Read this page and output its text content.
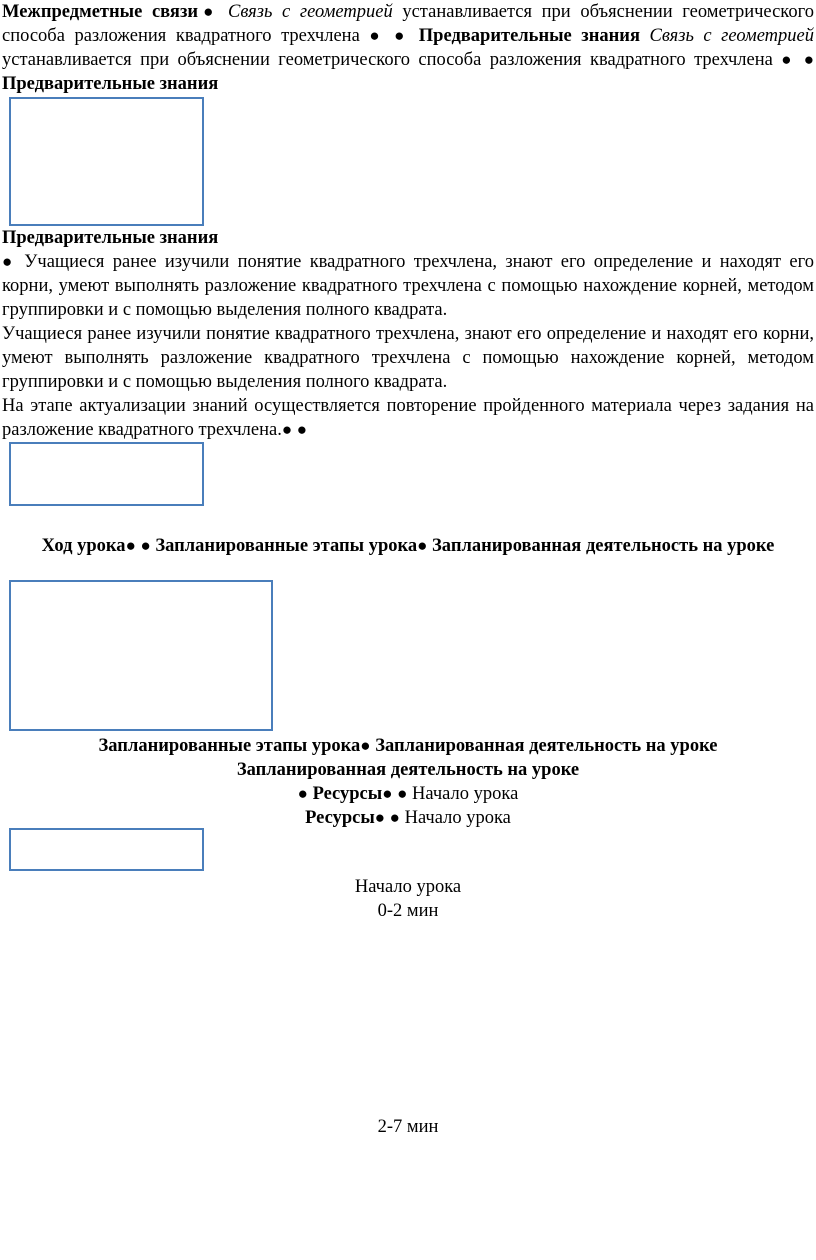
Межпредметные связи● Связь с геометрией устанавливается при объяснении геометрического способа разложения квадратного трехчлена ● ● Предварительные знания Связь с геометрией устанавливается при объяснении геометрического способа разложения квадратного трехчлена ● ● Предварительные знания
Предварительные знания
● Учащиеся ранее изучили понятие квадратного трехчлена, знают его определение и находят его корни, умеют выполнять разложение квадратного трехчлена с помощью нахождение корней, методом группировки и с помощью выделения полного квадрата.
Учащиеся ранее изучили понятие квадратного трехчлена, знают его определение и находят его корни, умеют выполнять разложение квадратного трехчлена с помощью нахождение корней, методом группировки и с помощью выделения полного квадрата.
На этапе актуализации знаний осуществляется повторение пройденного материала через задания на разложение квадратного трехчлена.● ●
Ход урока● ● Запланированные этапы урока● Запланированная деятельность на уроке
Запланированные этапы урока● Запланированная деятельность на уроке
Запланированная деятельность на уроке
● Ресурсы● ● Начало урока
Ресурсы● ● Начало урока
Начало урока
0-2 мин
2-7 мин
